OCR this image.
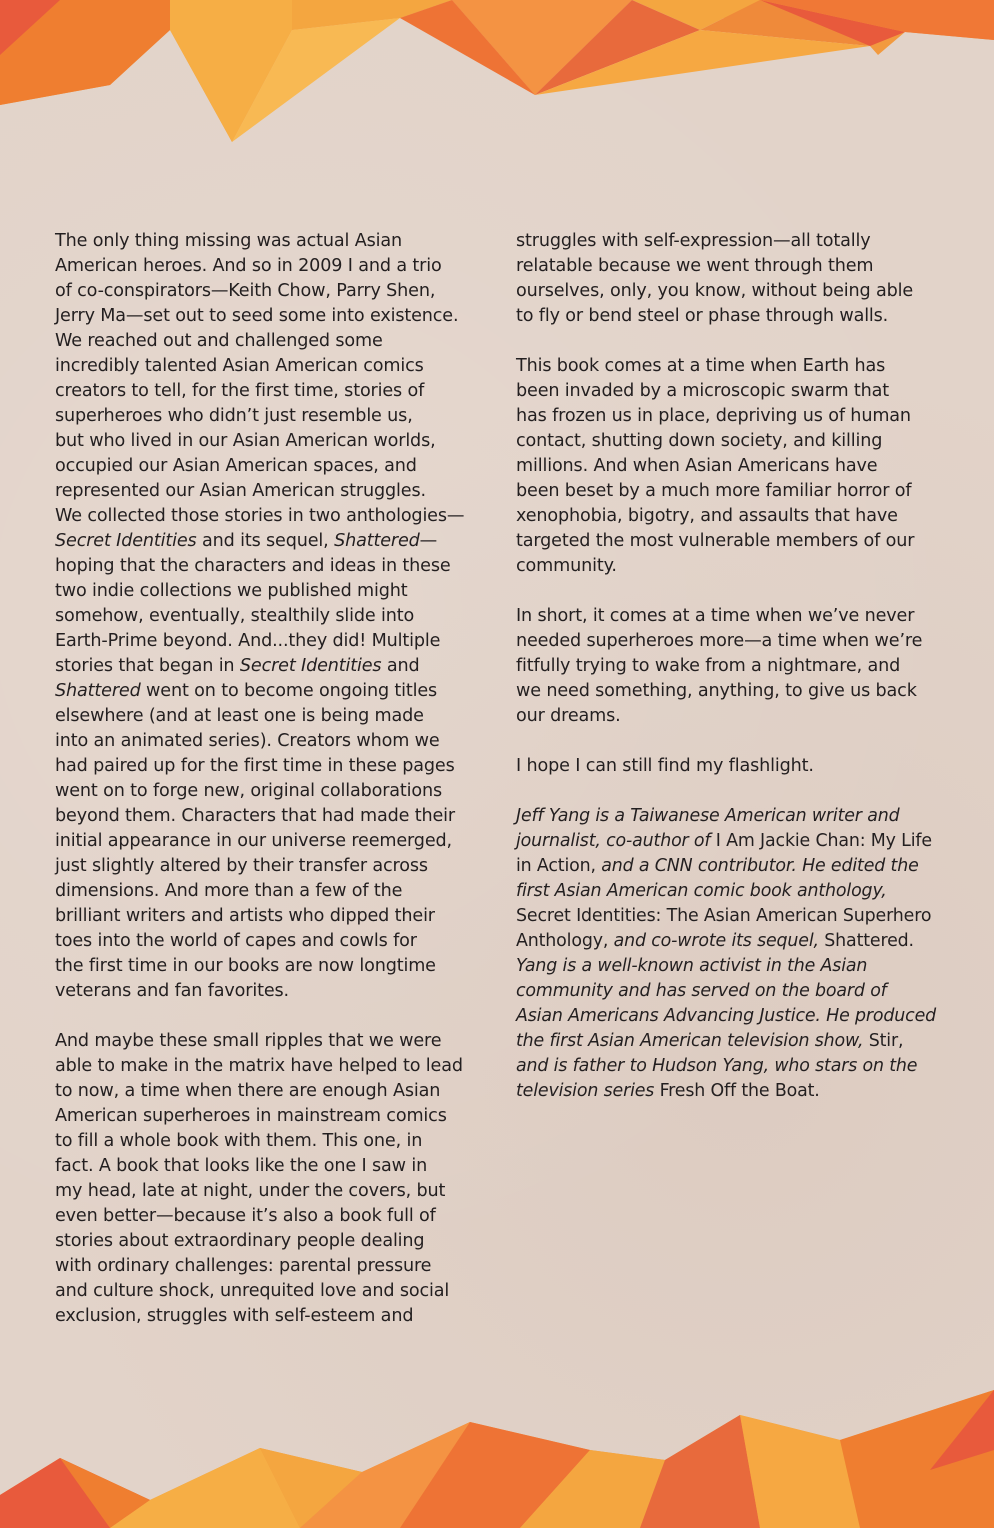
The only thing missing was actual Asian
American heroes. And so in 2009 I and a trio
of co-conspirators—Keith Chow, Parry Shen,
Jerry Ma—set out to seed some into existence.
We reached out and challenged some
incredibly talented Asian American comics
creators to tell, for the first time, stories of
superheroes who didn’t just resemble us,
but who lived in our Asian American worlds,
occupied our Asian American spaces, and
represented our Asian American struggles.
We collected those stories in two anthologies—
Secret Identities and its sequel, Shattered—
hoping that the characters and ideas in these
two indie collections we published might
somehow, eventually, stealthily slide into
Earth-Prime beyond. And...they did! Multiple
stories that began in Secret Identities and
Shattered went on to become ongoing titles
elsewhere (and at least one is being made
into an animated series). Creators whom we
had paired up for the first time in these pages
went on to forge new, original collaborations
beyond them. Characters that had made their
initial appearance in our universe reemerged,
just slightly altered by their transfer across
dimensions. And more than a few of the
brilliant writers and artists who dipped their
toes into the world of capes and cowls for
the first time in our books are now longtime
veterans and fan favorites.

And maybe these small ripples that we were
able to make in the matrix have helped to lead
to now, a time when there are enough Asian
American superheroes in mainstream comics
to fill a whole book with them. This one, in
fact. A book that looks like the one I saw in
my head, late at night, under the covers, but
even better—because it’s also a book full of
stories about extraordinary people dealing
with ordinary challenges: parental pressure
and culture shock, unrequited love and social
exclusion, struggles with self-esteem and

struggles with self-expression—all totally
relatable because we went through them
ourselves, only, you know, without being able
to fly or bend steel or phase through walls.

This book comes at a time when Earth has
been invaded by a microscopic swarm that
has frozen us in place, depriving us of human
contact, shutting down society, and killing
millions. And when Asian Americans have
been beset by a much more familiar horror of
xenophobia, bigotry, and assaults that have
targeted the most vulnerable members of our
community.

In short, it comes at a time when we’ve never
needed superheroes more—a time when we’re
fitfully trying to wake from a nightmare, and
we need something, anything, to give us back
our dreams.

I hope I can still find my flashlight.

Jeff Yang is a Taiwanese American writer and journalist, co-author of I Am Jackie Chan: My Life in Action, and a CNN contributor. He edited the first Asian American comic book anthology, Secret Identities: The Asian American Superhero Anthology, and co-wrote its sequel, Shattered. Yang is a well-known activist in the Asian community and has served on the board of Asian Americans Advancing Justice. He produced the first Asian American television show, Stir, and is father to Hudson Yang, who stars on the television series Fresh Off the Boat.
